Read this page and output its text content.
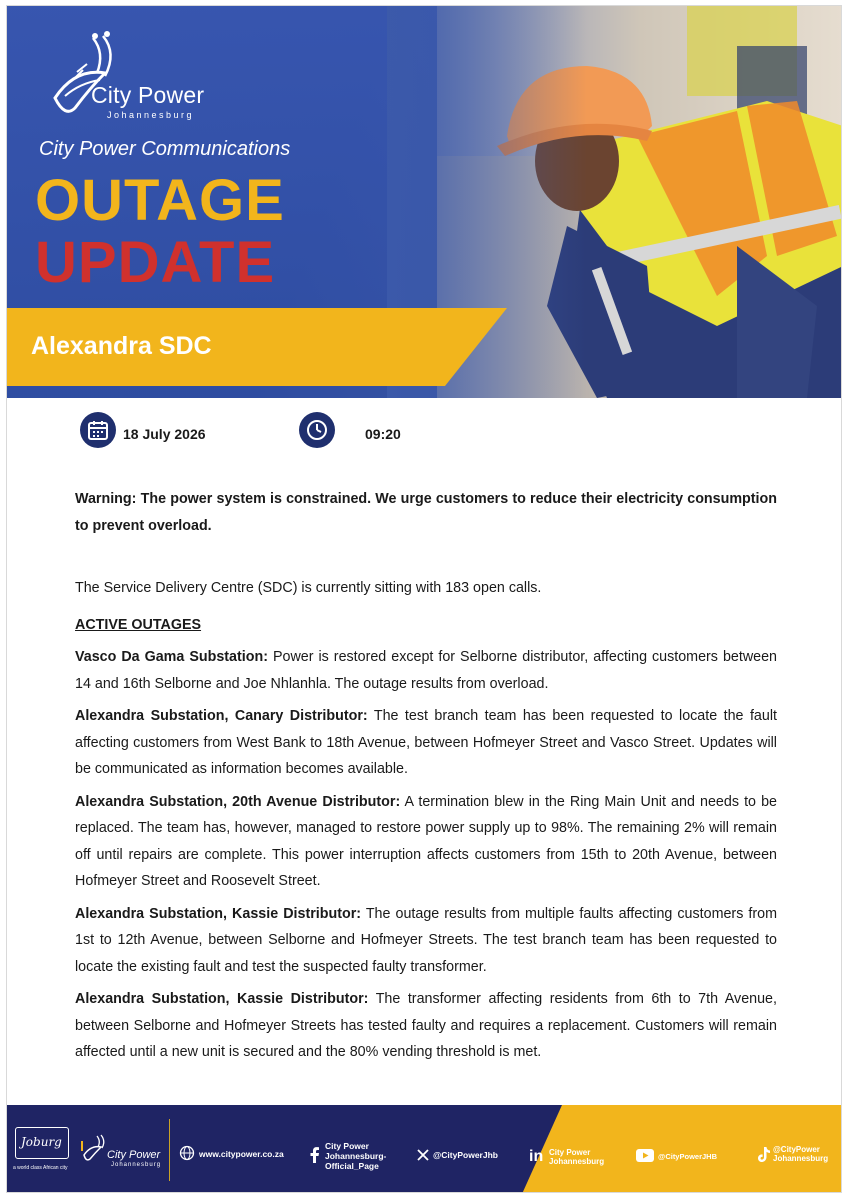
City Power
Johannesburg
City Power Communications
OUTAGE
UPDATE
Alexandra SDC
18 July 2026	09:20

Warning: The power system is constrained. We urge customers to reduce their electricity consumption to prevent overload.

The Service Delivery Centre (SDC) is currently sitting with 183 open calls.

ACTIVE OUTAGES

Vasco Da Gama Substation: Power is restored except for Selborne distributor, affecting customers between 14 and 16th Selborne and Joe Nhlanhla. The outage results from overload.

Alexandra Substation, Canary Distributor: The test branch team has been requested to locate the fault affecting customers from West Bank to 18th Avenue, between Hofmeyer Street and Vasco Street. Updates will be communicated as information becomes available.

Alexandra Substation, 20th Avenue Distributor: A termination blew in the Ring Main Unit and needs to be replaced. The team has, however, managed to restore power supply up to 98%. The remaining 2% will remain off until repairs are complete. This power interruption affects customers from 15th to 20th Avenue, between Hofmeyer Street and Roosevelt Street.

Alexandra Substation, Kassie Distributor: The outage results from multiple faults affecting customers from 1st to 12th Avenue, between Selborne and Hofmeyer Streets. The test branch team has been requested to locate the existing fault and test the suspected faulty transformer.

Alexandra Substation, Kassie Distributor: The transformer affecting residents from 6th to 7th Avenue, between Selborne and Hofmeyer Streets has tested faulty and requires a replacement. Customers will remain affected until a new unit is secured and the 80% vending threshold is met.

Joburg
a world class African city
City Power
Johannesburg
www.citypower.co.za
City Power
Johannesburg-
Official_Page
@CityPowerJhb in City Power
Johannesburg
@CityPowerJHB
@CityPower
Johannesburg
